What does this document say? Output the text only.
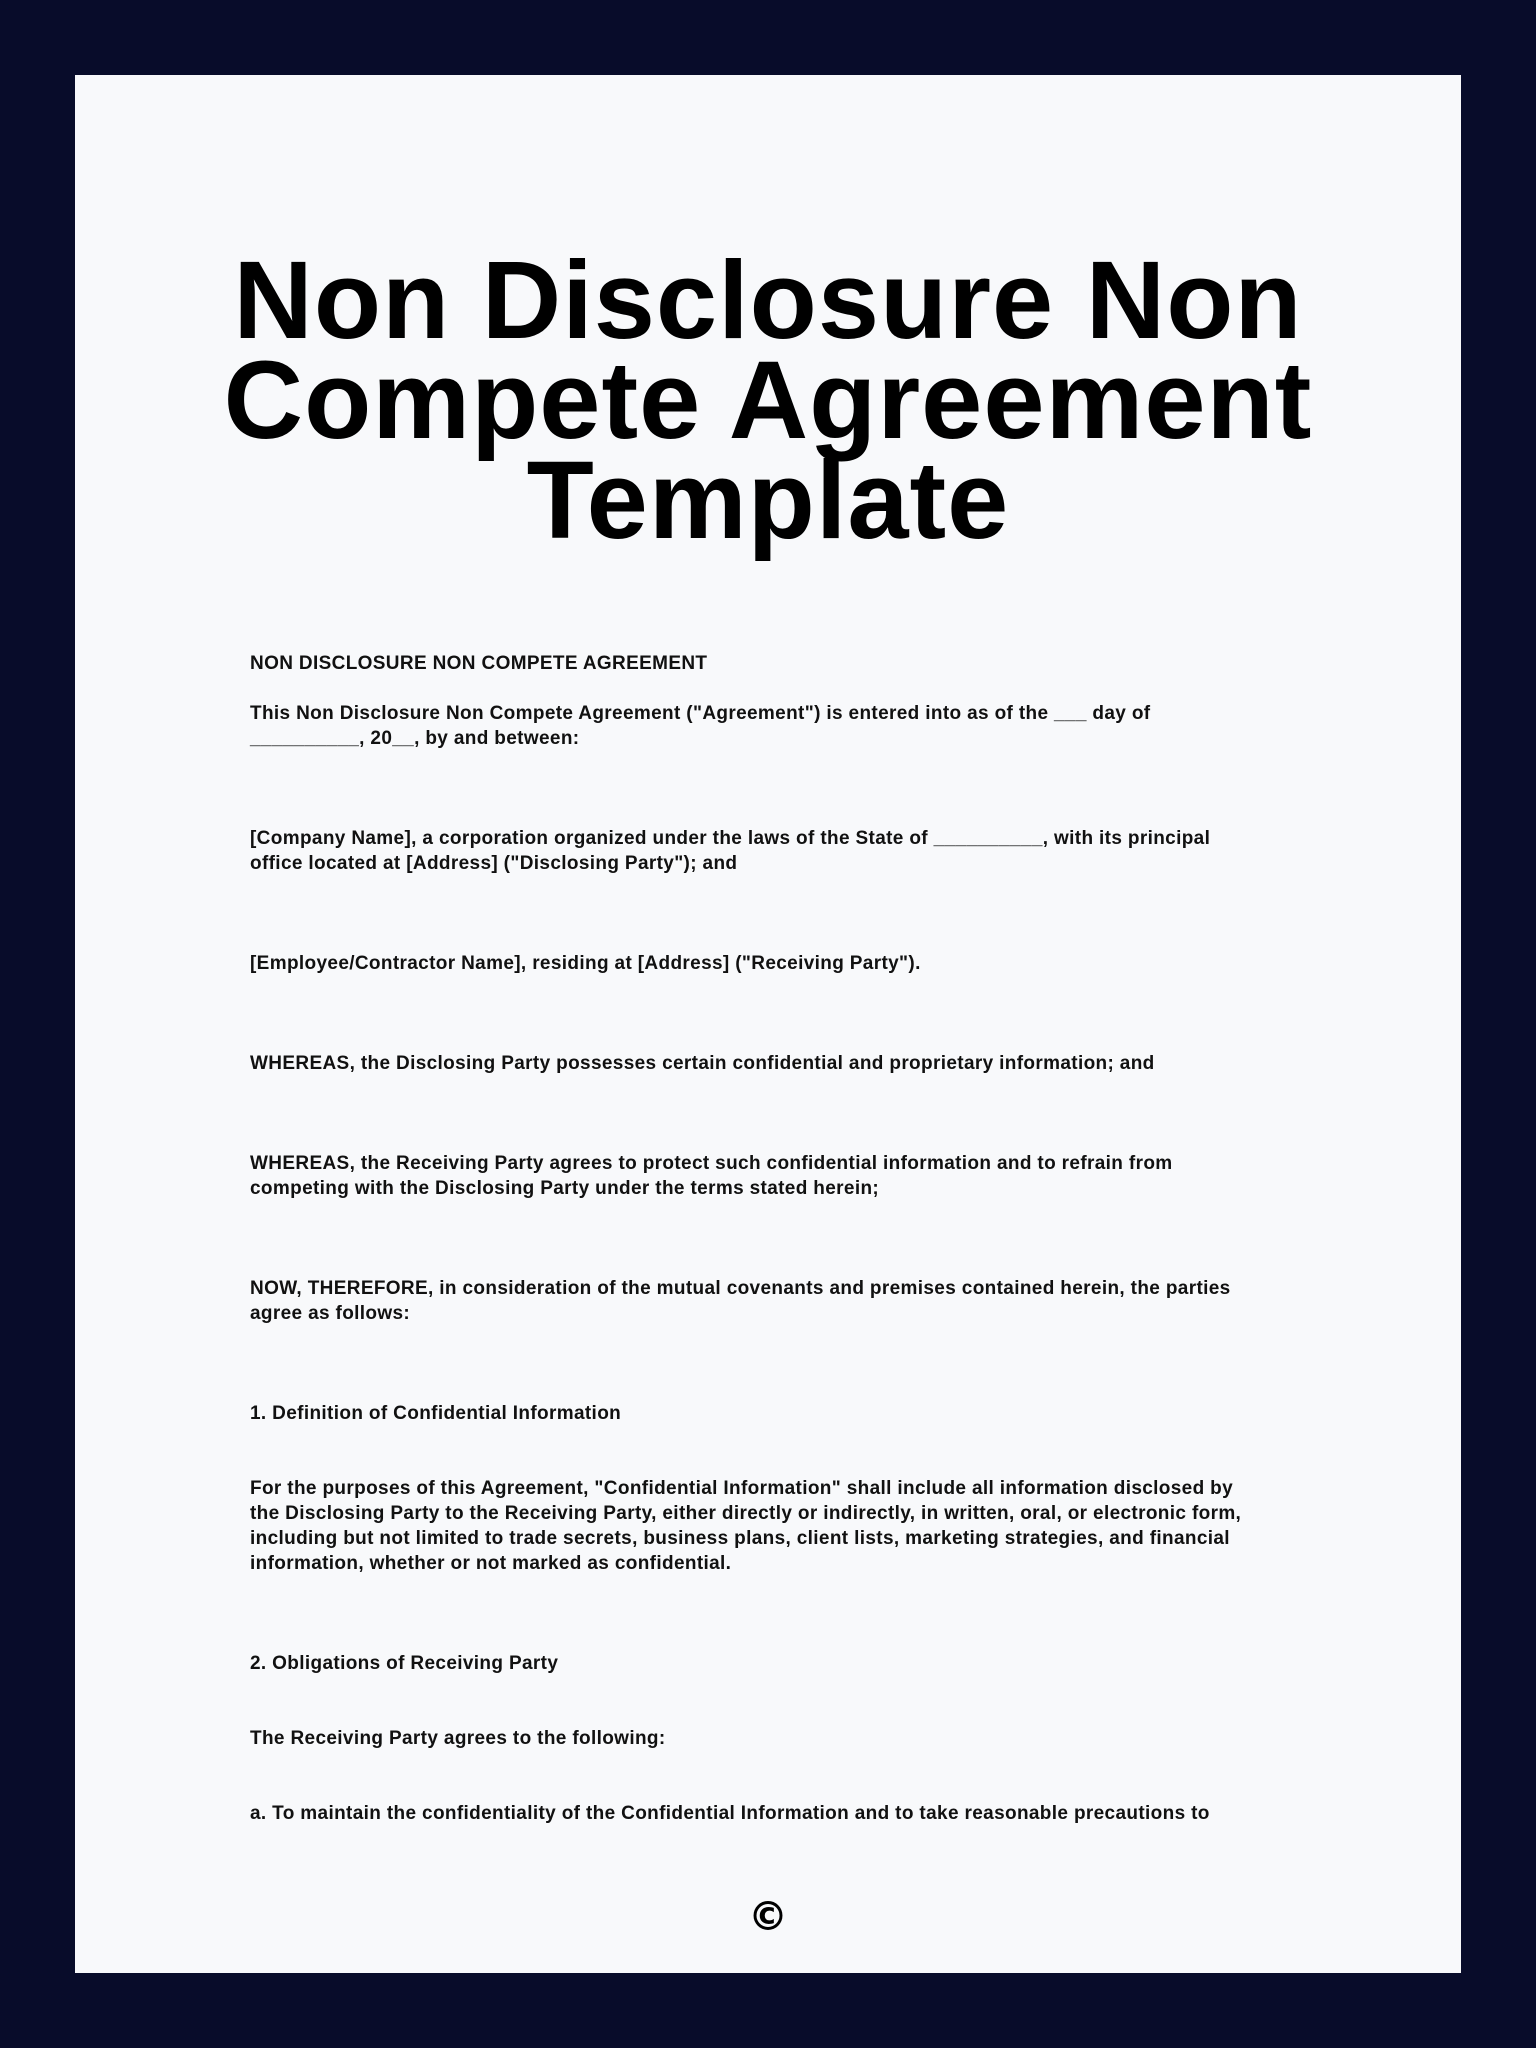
Non Disclosure Non
Compete Agreement
Template
NON DISCLOSURE NON COMPETE AGREEMENT
This Non Disclosure Non Compete Agreement ("Agreement") is entered into as of the ___ day of
__________, 20__, by and between:
[Company Name], a corporation organized under the laws of the State of __________, with its principal
office located at [Address] ("Disclosing Party"); and
[Employee/Contractor Name], residing at [Address] ("Receiving Party").
WHEREAS, the Disclosing Party possesses certain confidential and proprietary information; and
WHEREAS, the Receiving Party agrees to protect such confidential information and to refrain from
competing with the Disclosing Party under the terms stated herein;
NOW, THEREFORE, in consideration of the mutual covenants and premises contained herein, the parties
agree as follows:
1. Definition of Confidential Information
For the purposes of this Agreement, "Confidential Information" shall include all information disclosed by
the Disclosing Party to the Receiving Party, either directly or indirectly, in written, oral, or electronic form,
including but not limited to trade secrets, business plans, client lists, marketing strategies, and financial
information, whether or not marked as confidential.
2. Obligations of Receiving Party
The Receiving Party agrees to the following:
a. To maintain the confidentiality of the Confidential Information and to take reasonable precautions to
©
